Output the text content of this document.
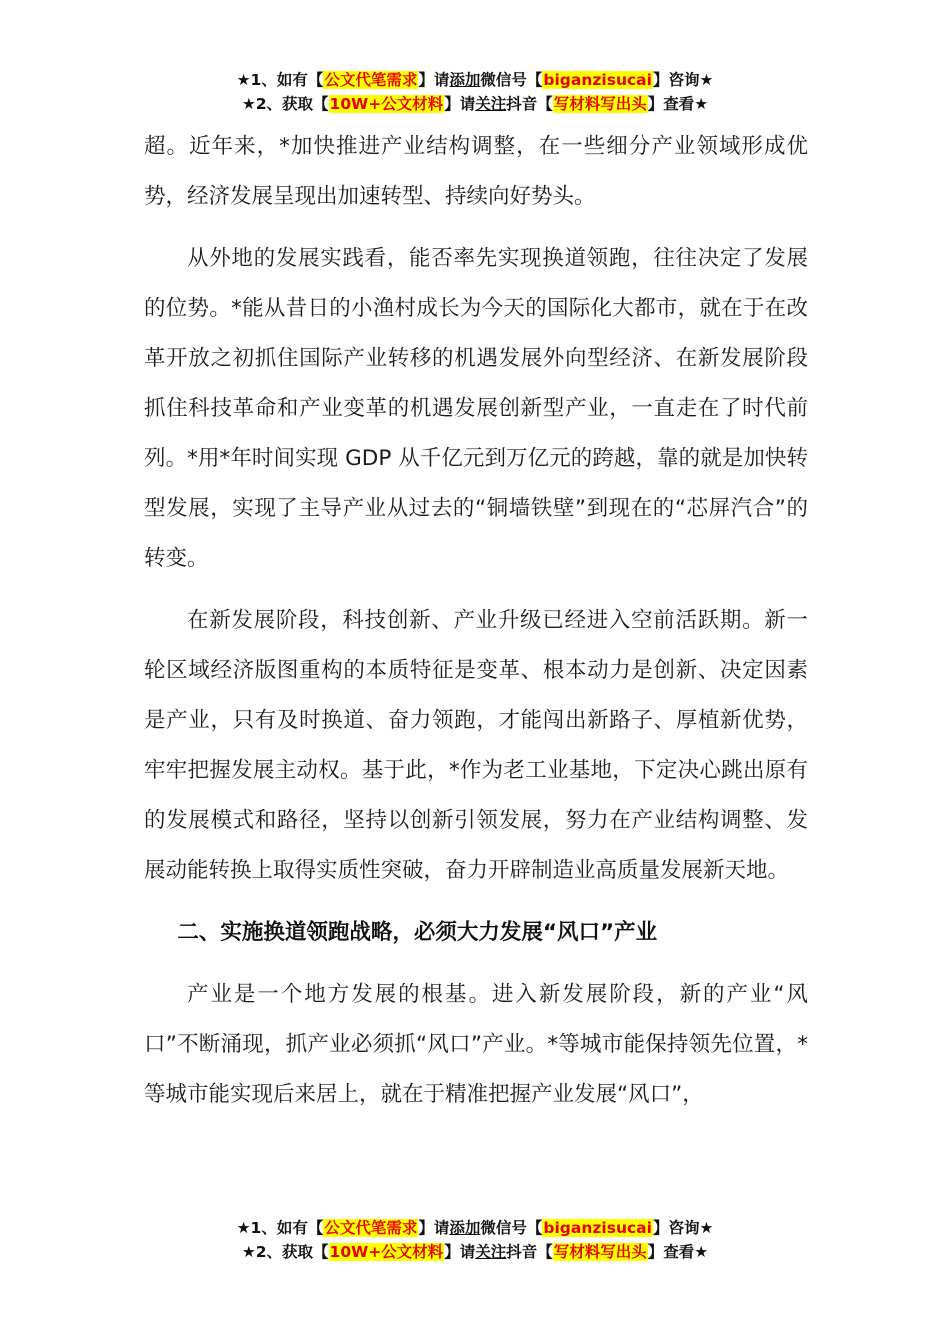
★1、如有【公文代笔需求】请添加微信号【biganzisucai】咨询★
★2、获取【10W+公文材料】请关注抖音【写材料写出头】查看★

超。近年来，*加快推进产业结构调整，在一些细分产业领域形成优势，经济发展呈现出加速转型、持续向好势头。

从外地的发展实践看，能否率先实现换道领跑，往往决定了发展的位势。*能从昔日的小渔村成长为今天的国际化大都市，就在于在改革开放之初抓住国际产业转移的机遇发展外向型经济、在新发展阶段抓住科技革命和产业变革的机遇发展创新型产业，一直走在了时代前列。*用*年时间实现 GDP 从千亿元到万亿元的跨越，靠的就是加快转型发展，实现了主导产业从过去的“铜墙铁壁”到现在的“芯屏汽合”的转变。

在新发展阶段，科技创新、产业升级已经进入空前活跃期。新一轮区域经济版图重构的本质特征是变革、根本动力是创新、决定因素是产业，只有及时换道、奋力领跑，才能闯出新路子、厚植新优势，牢牢把握发展主动权。基于此，*作为老工业基地，下定决心跳出原有的发展模式和路径，坚持以创新引领发展，努力在产业结构调整、发展动能转换上取得实质性突破，奋力开辟制造业高质量发展新天地。

二、实施换道领跑战略，必须大力发展“风口”产业

产业是一个地方发展的根基。进入新发展阶段，新的产业“风口”不断涌现，抓产业必须抓“风口”产业。*等城市能保持领先位置，*等城市能实现后来居上，就在于精准把握产业发展“风口”，

★1、如有【公文代笔需求】请添加微信号【biganzisucai】咨询★
★2、获取【10W+公文材料】请关注抖音【写材料写出头】查看★
